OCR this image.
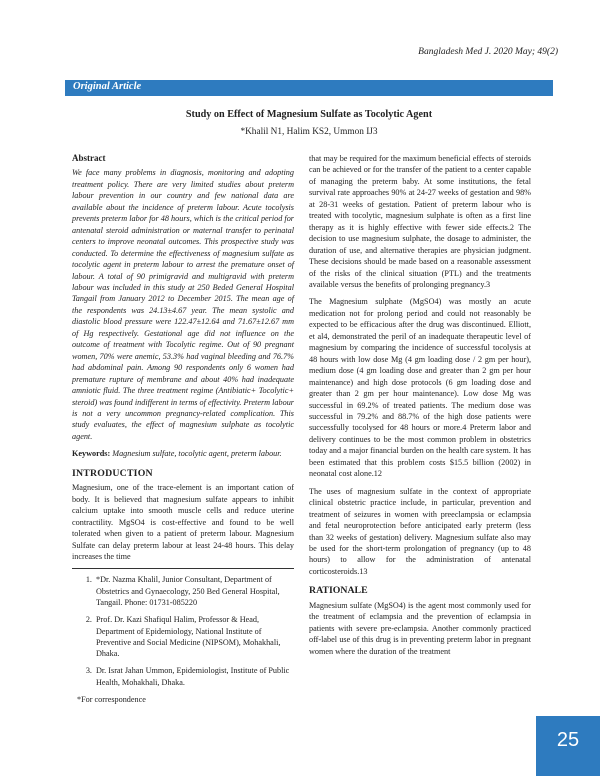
Bangladesh Med J. 2020 May; 49(2)
Original Article
Study on Effect of Magnesium Sulfate as Tocolytic Agent
*Khalil N1, Halim KS2, Ummon IJ3
Abstract

We face many problems in diagnosis, monitoring and adopting treatment policy. There are very limited studies about preterm labour prevention in our country and few national data are available about the incidence of preterm labour. Acute tocolysis prevents preterm labor for 48 hours, which is the critical period for antenatal steroid administration or maternal transfer to perinatal centers to improve neonatal outcomes. This prospective study was conducted. To determine the effectiveness of magnesium sulfate as tocolytic agent in preterm labour to arrest the premature onset of labour. A total of 90 primigravid and multigravid with preterm labour was included in this study at 250 Beded General Hospital Tangail from January 2012 to December 2015. The mean age of the respondents was 24.13±4.67 year. The mean systolic and diastolic blood pressure were 122.47±12.64 and 71.67±12.67 mm of Hg respectively. Gestational age did not influence on the outcome of treatment with Tocolytic regime. Out of 90 pregnant women, 70% were anemic, 53.3% had vaginal bleeding and 76.7% had abdominal pain. Among 90 respondents only 6 women had premature rupture of membrane and about 40% had inadequate amniotic fluid. The three treatment regime (Antibiatic+ Tocolytic+ steroid) was found indifferent in terms of effectivity. Preterm labour is not a very uncommon pregnancy-related complication. This study evaluates, the effect of magnesium sulphate as tocolytic agent.

Keywords: Magnesium sulfate, tocolytic agent, preterm labour.

INTRODUCTION

Magnesium, one of the trace-element is an important cation of body. It is believed that magnesium sulfate appears to inhibit calcium uptake into smooth muscle cells and reduce uterine contractility. MgSO4 is cost-effective and found to be well tolerated when given to a patient of preterm labour. Magnesium Sulfate can delay preterm labour at least 24-48 hours. This delay increases the time

1. *Dr. Nazma Khalil, Junior Consultant, Department of Obstetrics and Gynaecology, 250 Bed General Hospital, Tangail. Phone: 01731-085220
2. Prof. Dr. Kazi Shafiqul Halim, Professor & Head, Department of Epidemiology, National Institute of Preventive and Social Medicine (NIPSOM), Mohakhali, Dhaka.
3. Dr. Israt Jahan Ummon, Epidemiologist, Institute of Public Health, Mohakhali, Dhaka.
*For correspondence

that may be required for the maximum beneficial effects of steroids can be achieved or for the transfer of the patient to a center capable of managing the preterm baby. At some institutions, the fetal survival rate approaches 90% at 24-27 weeks of gestation and 98% at 28-31 weeks of gestation. Patient of preterm labour who is treated with tocolytic, magnesium sulphate is often as a first line therapy as it is highly effective with fewer side effects.2 The decision to use magnesium sulphate, the dosage to administer, the duration of use, and alternative therapies are physician judgment. These decisions should be made based on a reasonable assessment of the risks of the clinical situation (PTL) and the treatments available versus the benefits of prolonging pregnancy.3

The Magnesium sulphate (MgSO4) was mostly an acute medication not for prolong period and could not reasonably be expected to be efficacious after the drug was discontinued. Elliott, et al4, demonstrated the peril of an inadequate therapeutic level of magnesium by comparing the incidence of successful tocolysis at 48 hours with low dose Mg (4 gm loading dose / 2 gm per hour), medium dose (4 gm loading dose and greater than 2 gm per hour maintenance) and high dose protocols (6 gm loading dose and greater than 2 gm per hour maintenance). Low dose Mg was successful in 69.2% of treated patients. The medium dose was successful in 79.2% and 88.7% of the high dose patients were successfully tocolysed for 48 hours or more.4 Preterm labor and delivery continues to be the most common problem in obstetrics today and a major financial burden on the health care system. It has been estimated that this problem costs $15.5 billion (2002) in neonatal cost alone.12

The uses of magnesium sulfate in the context of appropriate clinical obstetric practice include, in particular, prevention and treatment of seizures in women with preeclampsia or eclampsia and fetal neuroprotection before anticipated early preterm (less than 32 weeks of gestation) delivery. Magnesium sulfate also may be used for the short-term prolongation of pregnancy (up to 48 hours) to allow for the administration of antenatal corticosteroids.13

RATIONALE

Magnesium sulfate (MgSO4) is the agent most commonly used for the treatment of eclampsia and the prevention of eclampsia in patients with severe pre-eclampsia. Another commonly practiced off-label use of this drug is in preventing preterm labor in pregnant women where the duration of the treatment

25
